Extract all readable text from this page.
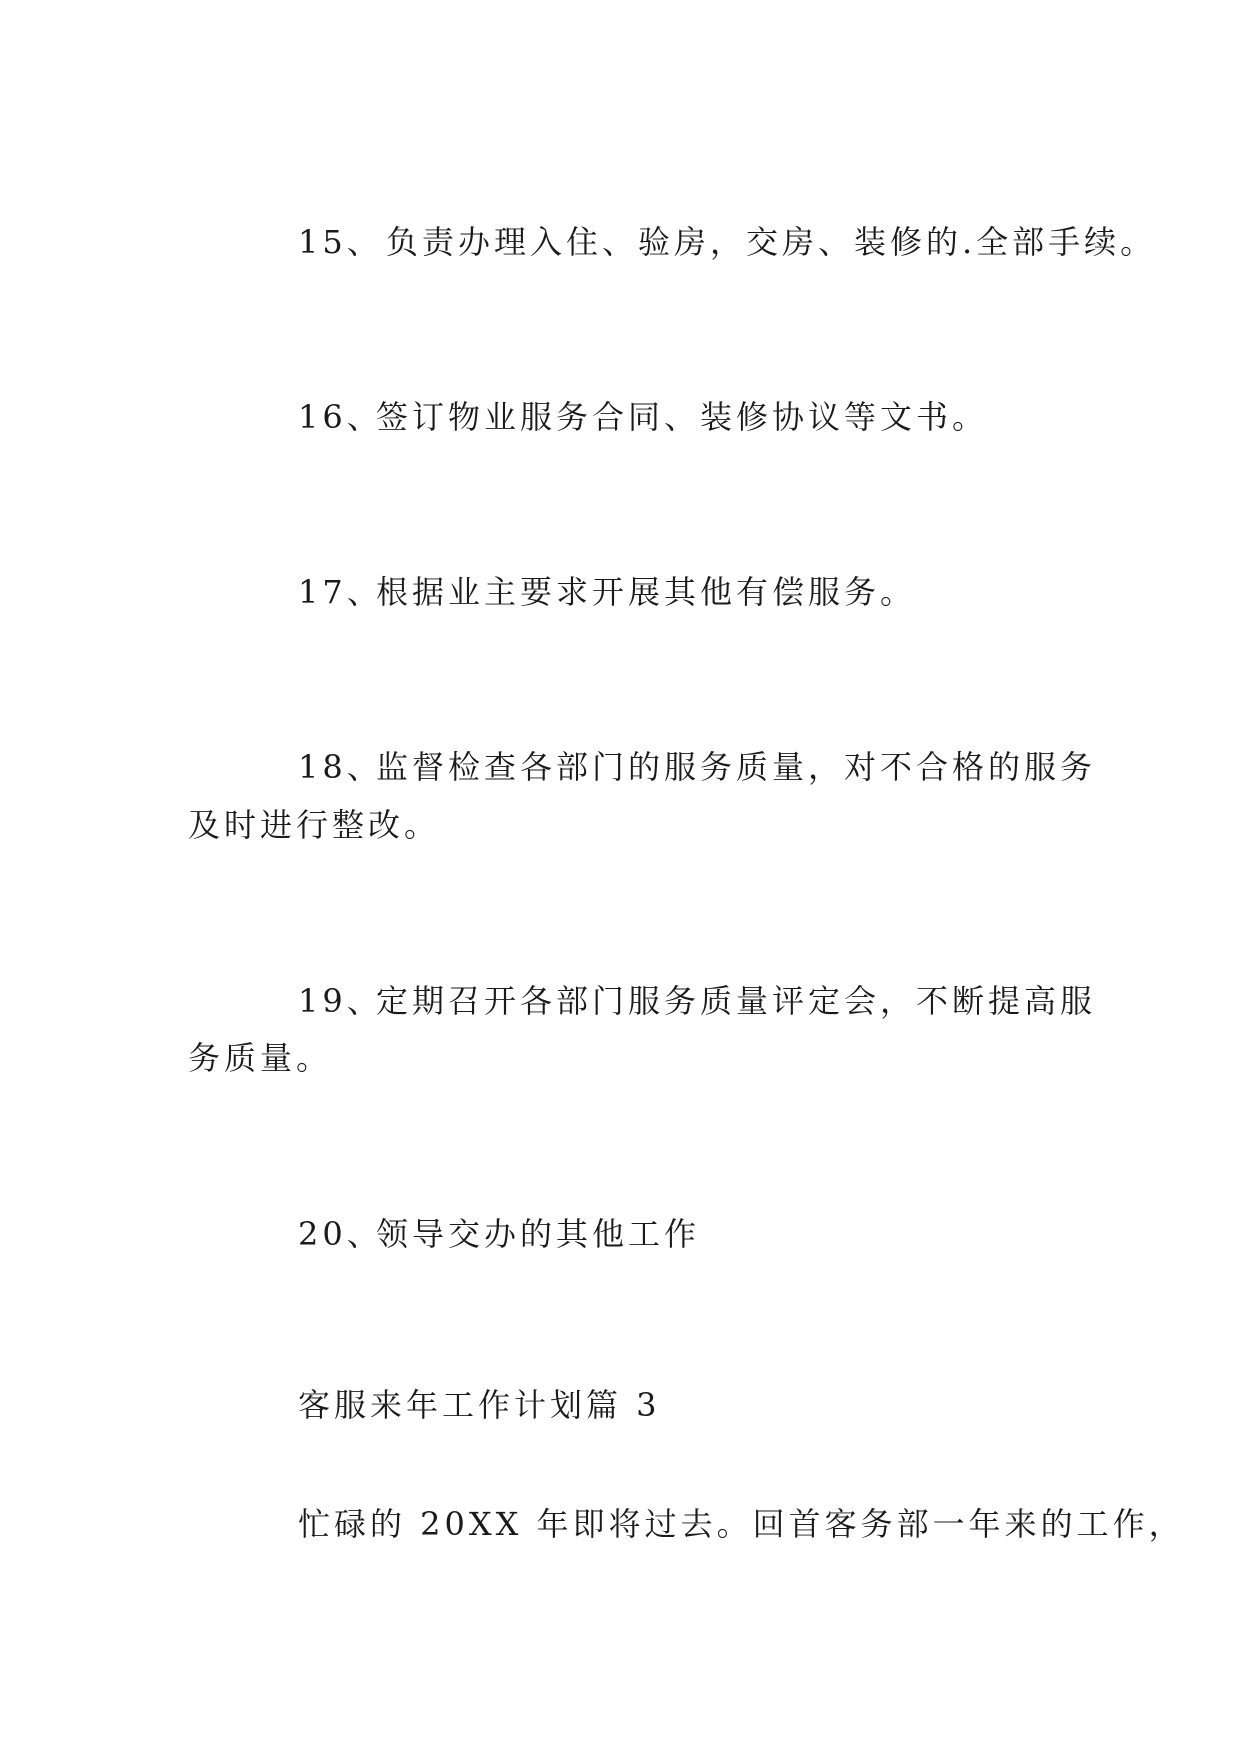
15、 负责办理入住、验房，交房、装修的.全部手续。

16、签订物业服务合同、装修协议等文书。

17、根据业主要求开展其他有偿服务。

18、监督检查各部门的服务质量，对不合格的服务

及时进行整改。

19、定期召开各部门服务质量评定会，不断提高服

务质量。

20、领导交办的其他工作

客服来年工作计划篇 3

忙碌的 20XX 年即将过去。回首客务部一年来的工作，
